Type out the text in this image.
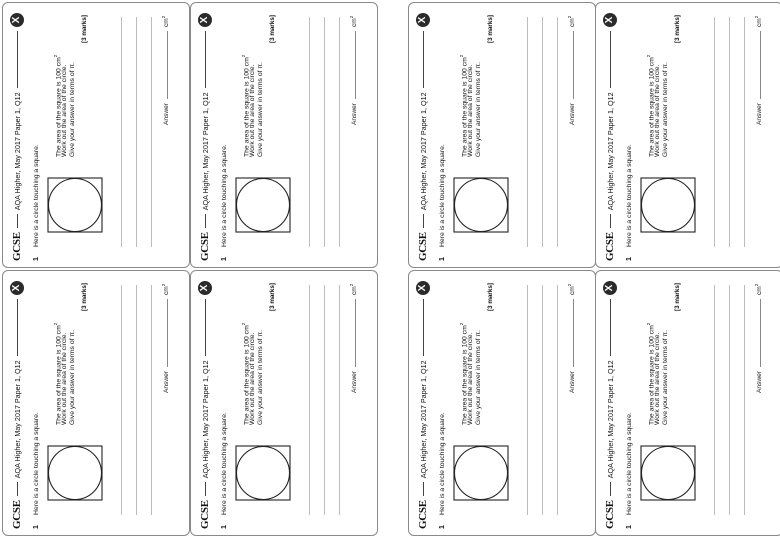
GCSE
AQA Higher, May 2017 Paper 1, Q12
X
1
Here is a circle touching a square.
The area of the square is 100 $cm^2$
Work out the area of the circle. Give your answer in terms of π.
[3 marks]
Answer
$cm^2$
GCSE
AQA Higher, May 2017 Paper 1, Q12
X
1
Here is a circle touching a square.
The area of the square is 100 $cm^2$
Work out the area of the circle. Give your answer in terms of π.
[3 marks]
Answer
$cm^2$
GCSE
AQA Higher, May 2017 Paper 1, Q12
X
1
Here is a circle touching a square.
The area of the square is 100 $cm^2$
Work out the area of the circle. Give your answer in terms of π.
[3 marks]
Answer
$cm^2$
GCSE
AQA Higher, May 2017 Paper 1, Q12
X
1
Here is a circle touching a square.
The area of the square is 100 $cm^2$
Work out the area of the circle. Give your answer in terms of π.
[3 marks]
Answer
$cm^2$
GCSE
AQA Higher, May 2017 Paper 1, Q12
X
1
Here is a circle touching a square.
The area of the square is 100 $cm^2$
Work out the area of the circle. Give your answer in terms of π.
[3 marks]
Answer
$cm^2$
GCSE
AQA Higher, May 2017 Paper 1, Q12
X
1
Here is a circle touching a square.
The area of the square is 100 $cm^2$
Work out the area of the circle. Give your answer in terms of π.
[3 marks]
Answer
$cm^2$
GCSE
AQA Higher, May 2017 Paper 1, Q12
X
1
Here is a circle touching a square.
The area of the square is 100 $cm^2$
Work out the area of the circle. Give your answer in terms of π.
[3 marks]
Answer
$cm^2$
GCSE
AQA Higher, May 2017 Paper 1, Q12
X
1
Here is a circle touching a square.
The area of the square is 100 $cm^2$
Work out the area of the circle. Give your answer in terms of π.
[3 marks]
Answer
$cm^2$
